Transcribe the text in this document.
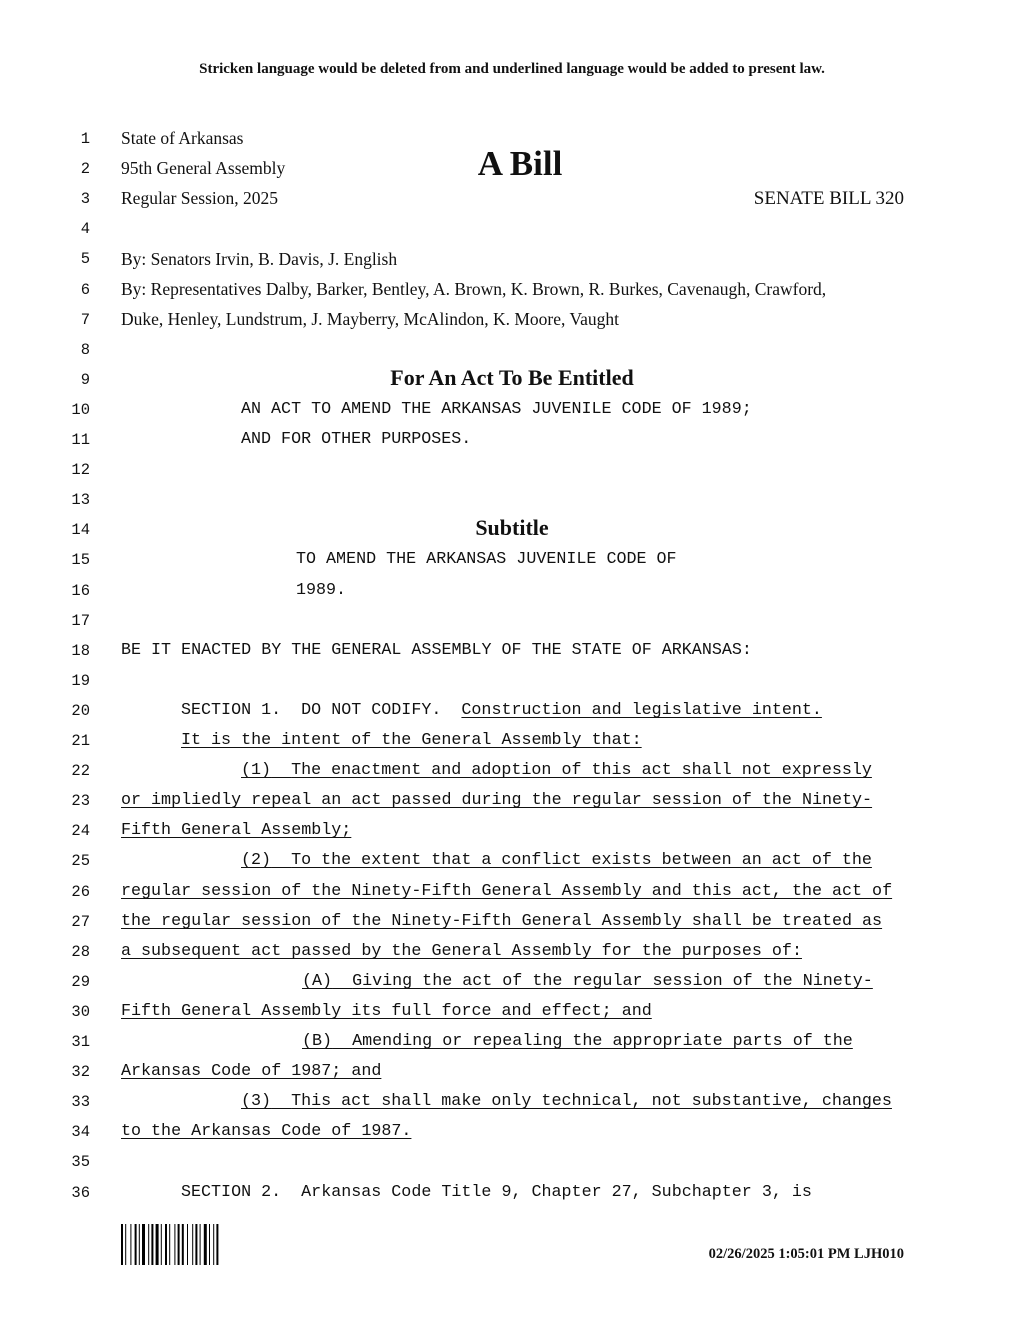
Stricken language would be deleted from and underlined language would be added to present law.
1
2
3
4
5
6
7
8
9
10
11
12
13
14
15
16
17
18
19
20
21
22
23
24
25
26
27
28
29
30
31
32
33
34
35
36
State of Arkansas
95th General Assembly
Regular Session, 2025
A Bill
SENATE BILL 320
By: Senators Irvin, B. Davis, J. English
By: Representatives Dalby, Barker, Bentley, A. Brown, K. Brown, R. Burkes, Cavenaugh, Crawford,
Duke, Henley, Lundstrum, J. Mayberry, McAlindon, K. Moore, Vaught
For An Act To Be Entitled
AN ACT TO AMEND THE ARKANSAS JUVENILE CODE OF 1989;
AND FOR OTHER PURPOSES.
Subtitle
TO AMEND THE ARKANSAS JUVENILE CODE OF
1989.
BE IT ENACTED BY THE GENERAL ASSEMBLY OF THE STATE OF ARKANSAS:
SECTION 1.  DO NOT CODIFY. Construction and legislative intent.
It is the intent of the General Assembly that:
(1) The enactment and adoption of this act shall not expressly
or impliedly repeal an act passed during the regular session of the Ninety-
Fifth General Assembly;
(2) To the extent that a conflict exists between an act of the
regular session of the Ninety-Fifth General Assembly and this act, the act of
the regular session of the Ninety-Fifth General Assembly shall be treated as
a subsequent act passed by the General Assembly for the purposes of:
(A) Giving the act of the regular session of the Ninety-
Fifth General Assembly its full force and effect; and
(B) Amending or repealing the appropriate parts of the
Arkansas Code of 1987; and
(3) This act shall make only technical, not substantive, changes
to the Arkansas Code of 1987.
SECTION 2.  Arkansas Code Title 9, Chapter 27, Subchapter 3, is
02/26/2025 1:05:01 PM LJH010
